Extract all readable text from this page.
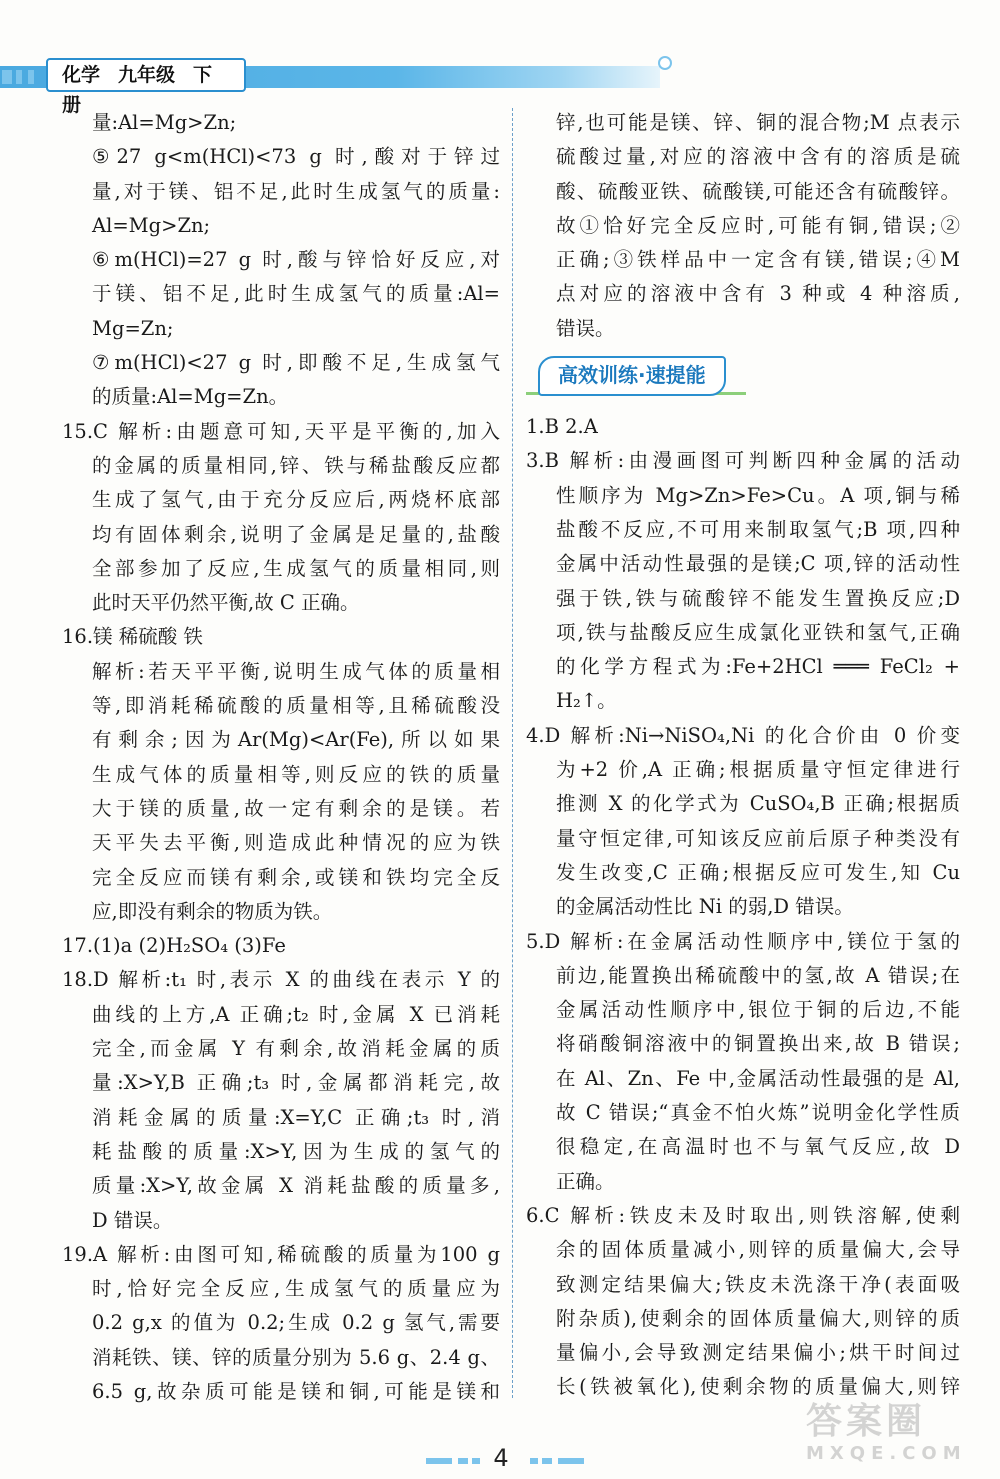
化学 九年级 下册
量:Al=Mg>Zn;
⑤27 g<m(HCl)<73 g 时,酸对于锌过
量,对于镁、铝不足,此时生成氢气的质量:
Al=Mg>Zn;
⑥m(HCl)=27 g 时,酸与锌恰好反应,对
于镁、铝不足,此时生成氢气的质量:Al=
Mg=Zn;
⑦m(HCl)<27 g 时,即酸不足,生成氢气
的质量:Al=Mg=Zn。
15.C 解析:由题意可知,天平是平衡的,加入
的金属的质量相同,锌、铁与稀盐酸反应都
生成了氢气,由于充分反应后,两烧杯底部
均有固体剩余,说明了金属是足量的,盐酸
全部参加了反应,生成氢气的质量相同,则
此时天平仍然平衡,故 C 正确。
16.镁 稀硫酸 铁
解析:若天平平衡,说明生成气体的质量相
等,即消耗稀硫酸的质量相等,且稀硫酸没
有剩余;因为Ar(Mg)<Ar(Fe),所以如果
生成气体的质量相等,则反应的铁的质量
大于镁的质量,故一定有剩余的是镁。若
天平失去平衡,则造成此种情况的应为铁
完全反应而镁有剩余,或镁和铁均完全反
应,即没有剩余的物质为铁。
17.(1)a (2)H₂SO₄ (3)Fe
18.D 解析:t₁ 时,表示 X 的曲线在表示 Y 的
曲线的上方,A 正确;t₂ 时,金属 X 已消耗
完全,而金属 Y 有剩余,故消耗金属的质
量:X>Y,B 正确;t₃ 时,金属都消耗完,故
消耗金属的质量:X=Y,C 正确;t₃ 时,消
耗盐酸的质量:X>Y,因为生成的氢气的
质量:X>Y,故金属 X 消耗盐酸的质量多,
D 错误。
19.A 解析:由图可知,稀硫酸的质量为100 g
时,恰好完全反应,生成氢气的质量应为
0.2 g,x 的值为 0.2;生成 0.2 g 氢气,需要
消耗铁、镁、锌的质量分别为 5.6 g、2.4 g、
6.5 g,故杂质可能是镁和铜,可能是镁和
锌,也可能是镁、锌、铜的混合物;M 点表示
硫酸过量,对应的溶液中含有的溶质是硫
酸、硫酸亚铁、硫酸镁,可能还含有硫酸锌。
故①恰好完全反应时,可能有铜,错误;②
正确;③铁样品中一定含有镁,错误;④M
点对应的溶液中含有 3 种或 4 种溶质,
错误。
高效训练·速提能
1.B 2.A
3.B 解析:由漫画图可判断四种金属的活动
性顺序为 Mg>Zn>Fe>Cu。A 项,铜与稀
盐酸不反应,不可用来制取氢气;B 项,四种
金属中活动性最强的是镁;C 项,锌的活动性
强于铁,铁与硫酸锌不能发生置换反应;D
项,铁与盐酸反应生成氯化亚铁和氢气,正确
的化学方程式为:Fe+2HCl ═══ FeCl₂ +
H₂↑。
4.D 解析:Ni→NiSO₄,Ni 的化合价由 0 价变
为+2 价,A 正确;根据质量守恒定律进行
推测 X 的化学式为 CuSO₄,B 正确;根据质
量守恒定律,可知该反应前后原子种类没有
发生改变,C 正确;根据反应可发生,知 Cu
的金属活动性比 Ni 的弱,D 错误。
5.D 解析:在金属活动性顺序中,镁位于氢的
前边,能置换出稀硫酸中的氢,故 A 错误;在
金属活动性顺序中,银位于铜的后边,不能
将硝酸铜溶液中的铜置换出来,故 B 错误;
在 Al、Zn、Fe 中,金属活动性最强的是 Al,
故 C 错误;“真金不怕火炼”说明金化学性质
很稳定,在高温时也不与氧气反应,故 D
正确。
6.C 解析:铁皮未及时取出,则铁溶解,使剩
余的固体质量减小,则锌的质量偏大,会导
致测定结果偏大;铁皮未洗涤干净(表面吸
附杂质),使剩余的固体质量偏大,则锌的质
量偏小,会导致测定结果偏小;烘干时间过
长(铁被氧化),使剩余物的质量偏大,则锌
4
答案圈
MXQE.COM
